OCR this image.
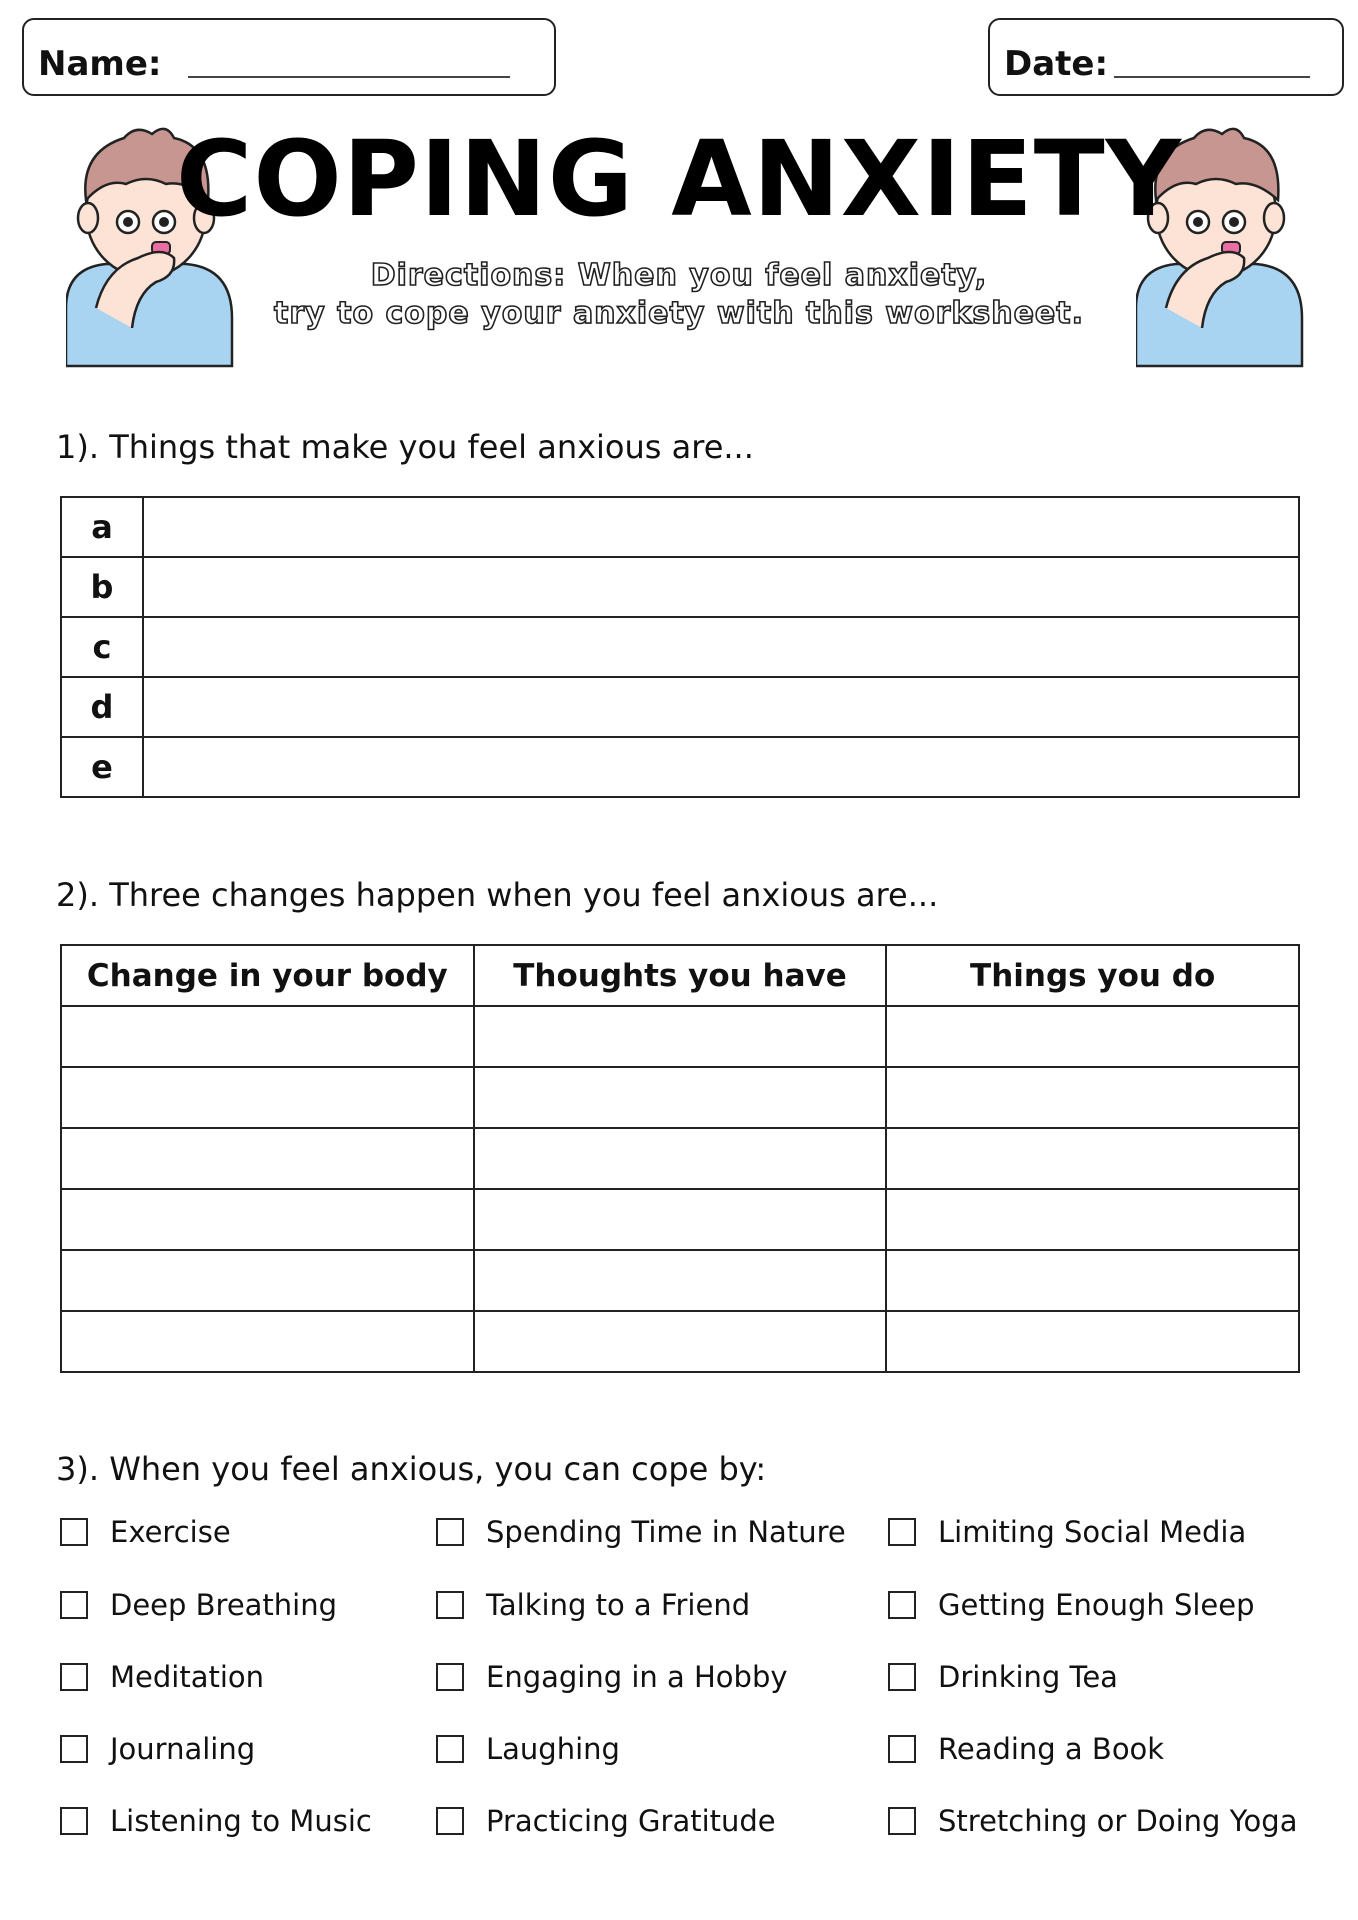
Name:	Date:
COPING ANXIETY
Directions: When you feel anxiety,
try to cope your anxiety with this worksheet.
1). Things that make you feel anxious are...
a	
b	
c	
d	
e	
2). Three changes happen when you feel anxious are...
Change in your body	Thoughts you have	Things you do

3). When you feel anxious, you can cope by:
Exercise	Spending Time in Nature	Limiting Social Media
Deep Breathing	Talking to a Friend	Getting Enough Sleep
Meditation	Engaging in a Hobby	Drinking Tea
Journaling	Laughing	Reading a Book
Listening to Music	Practicing Gratitude	Stretching or Doing Yoga
